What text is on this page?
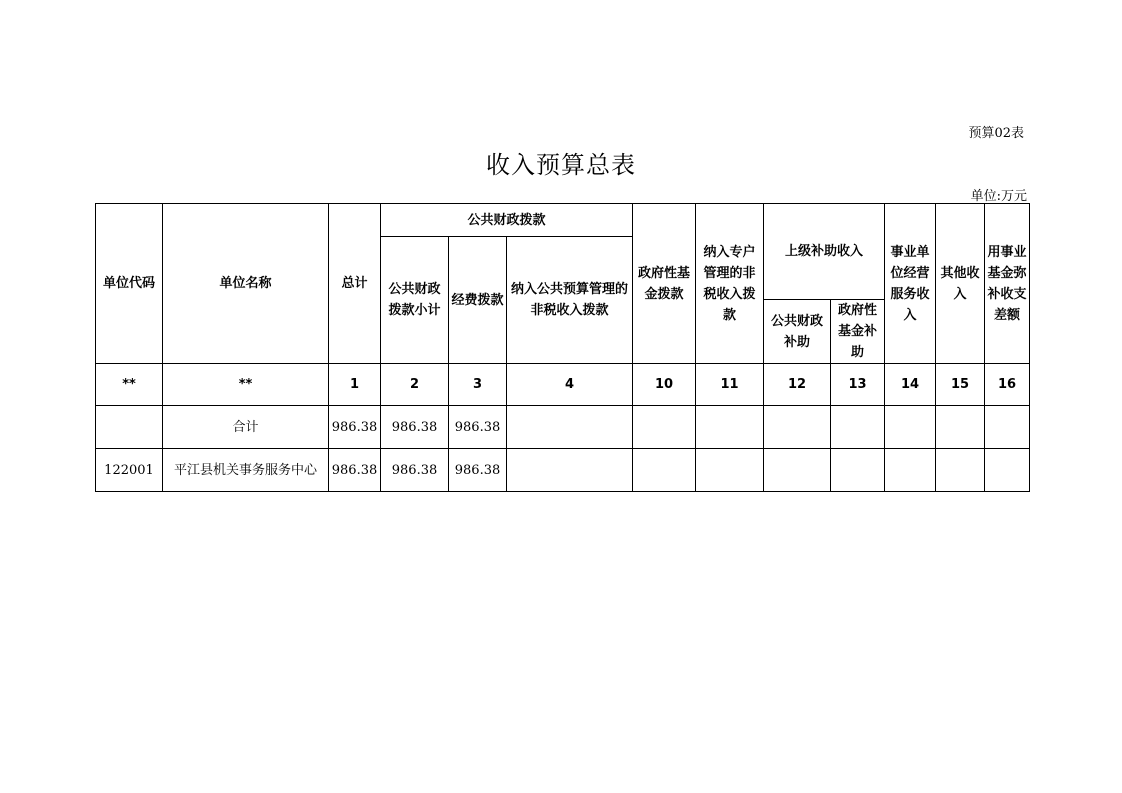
预算02表
收入预算总表
单位:万元
单位代码	单位名称	总计	公共财政拨款			政府性基金拨款	纳入专户管理的非税收入拨款	上级补助收入		事业单位经营服务收入	其他收入	用事业基金弥补收支差额	
			公共财政拨款小计	经费拨款	纳入公共预算管理的非税收入拨款								
								公共财政补助	政府性基金补助				
**	**	1	2	3	4	10	11	12	13	14	15	16	
	合计	986.38	986.38	986.38									
122001	平江县机关事务服务中心	986.38	986.38	986.38									
